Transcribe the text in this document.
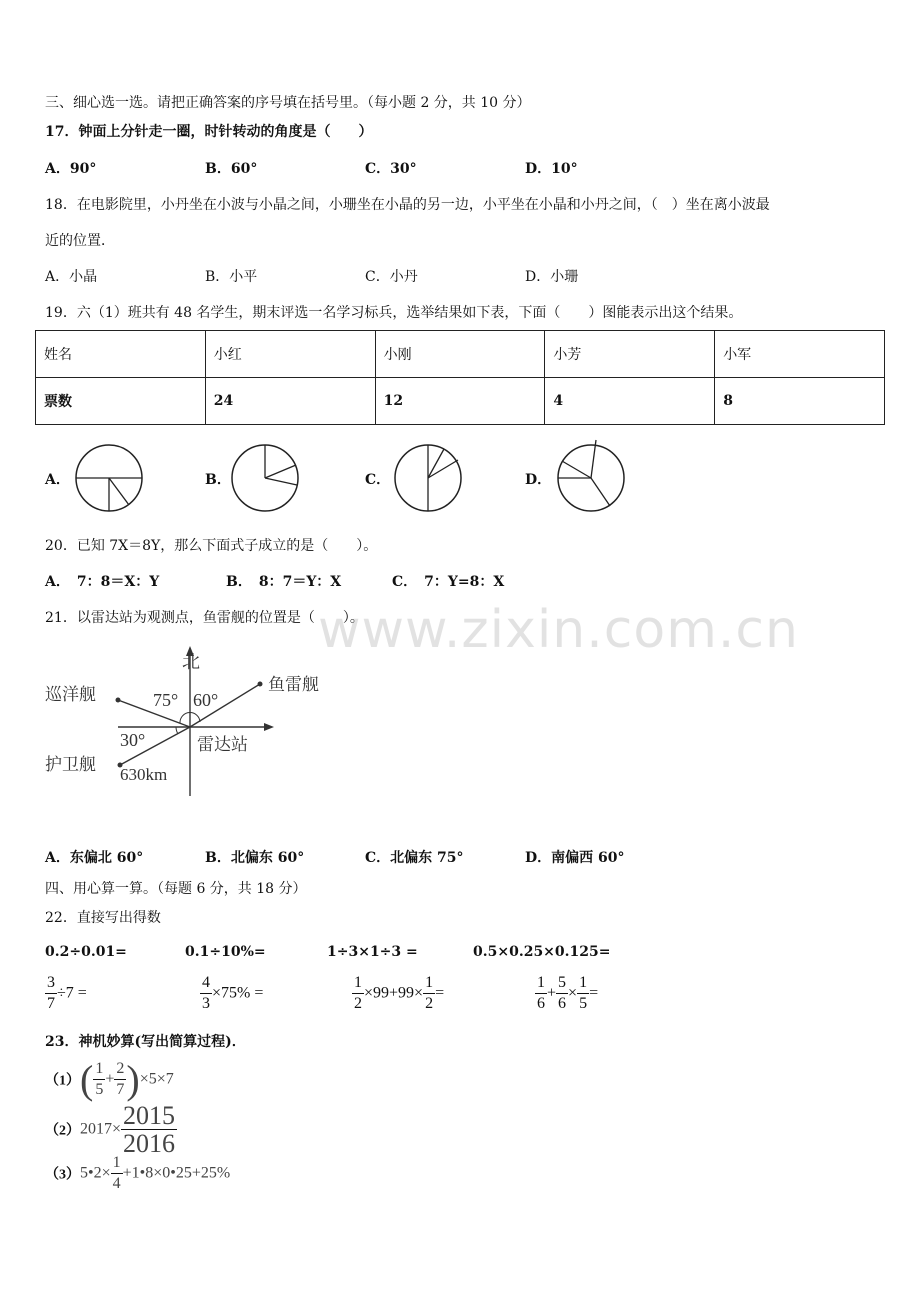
三、细心选一选。请把正确答案的序号填在括号里。（每小题 2 分，共 10 分）
17．钟面上分针走一圈，时针转动的角度是（　　）
A．90°	B．60°	C．30°	D．10°
18．在电影院里，小丹坐在小波与小晶之间，小珊坐在小晶的另一边，小平坐在小晶和小丹之间，（　）坐在离小波最
近的位置．
A．小晶	B．小平	C．小丹	D．小珊
19．六（1）班共有 48 名学生，期末评选一名学习标兵，选举结果如下表，下面（　　）图能表示出这个结果。
姓名	小红	小刚	小芳	小军
票数	24	12	4	8
A．	B．	C．	D．
20．已知 7X＝8Y，那么下面式子成立的是（　　）。
A．　7：8＝X：Y	B．　8：7＝Y：X	C．　7：Y=8：X
21．以雷达站为观测点，鱼雷舰的位置是（　　）。
www.zixin.com.cn
北
巡洋舰
鱼雷舰
护卫舰
雷达站
75° 60°
30°
630km
A．东偏北 60°	B．北偏东 60°	C．北偏东 75°	D．南偏西 60°
四、用心算一算。（每题 6 分，共 18 分）
22．直接写出得数
0.2÷0.01=	0.1÷10%=	1÷3×1÷3 =	0.5×0.25×0.125=
$\frac{3}{7} \div 7$ =	$\frac{4}{3} \times 75\%$ =	$\frac{1}{2} \times 99+99\times \frac{1}{2}$ =	$\frac{1}{6} + \frac{5}{6} \times \frac{1}{5}$ =
23．神机妙算(写出简算过程)．
$(1)( \frac{1}{5} + \frac{2}{7} )\times 5\times 7$
$(2)2017\times \frac{2015}{2016}$
（3）5•2× $\frac{1}{4}$ +1•8×0•25+25%
